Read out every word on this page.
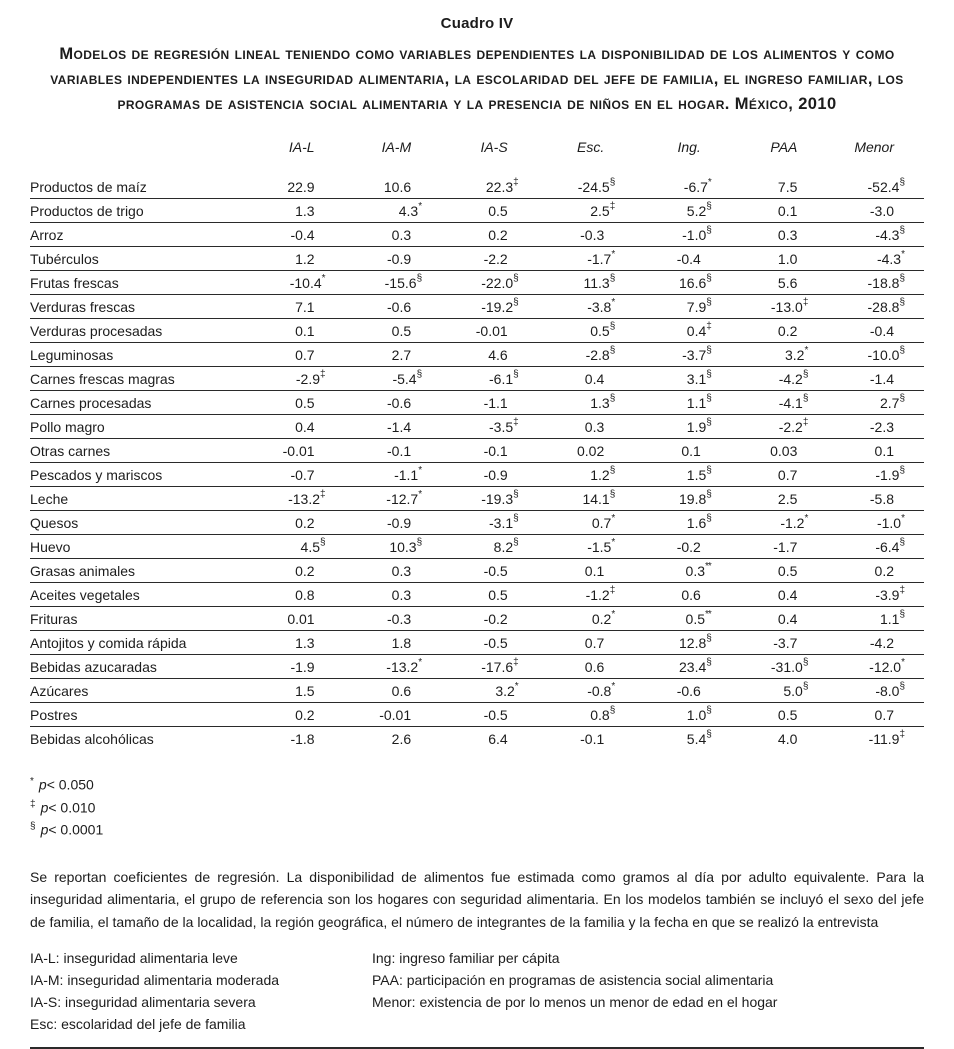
Cuadro IV
Modelos de regresión lineal teniendo como variables dependientes la disponibilidad de los alimentos y como variables independientes la inseguridad alimentaria, la escolaridad del jefe de familia, el ingreso familiar, los programas de asistencia social alimentaria y la presencia de niños en el hogar. México, 2010
	IA-L	IA-M	IA-S	Esc.	Ing.	PAA	Menor
Productos de maíz	22.9	10.6	22.3‡	-24.5§	-6.7*	7.5	-52.4§
Productos de trigo	1.3	4.3*	0.5	2.5‡	5.2§	0.1	-3.0
Arroz	-0.4	0.3	0.2	-0.3	-1.0§	0.3	-4.3§
Tubérculos	1.2	-0.9	-2.2	-1.7*	-0.4	1.0	-4.3*
Frutas frescas	-10.4*	-15.6§	-22.0§	11.3§	16.6§	5.6	-18.8§
Verduras frescas	7.1	-0.6	-19.2§	-3.8*	7.9§	-13.0‡	-28.8§
Verduras procesadas	0.1	0.5	-0.01	0.5§	0.4‡	0.2	-0.4
Leguminosas	0.7	2.7	4.6	-2.8§	-3.7§	3.2*	-10.0§
Carnes frescas magras	-2.9‡	-5.4§	-6.1§	0.4	3.1§	-4.2§	-1.4
Carnes procesadas	0.5	-0.6	-1.1	1.3§	1.1§	-4.1§	2.7§
Pollo magro	0.4	-1.4	-3.5‡	0.3	1.9§	-2.2‡	-2.3
Otras carnes	-0.01	-0.1	-0.1	0.02	0.1	0.03	0.1
Pescados y mariscos	-0.7	-1.1*	-0.9	1.2§	1.5§	0.7	-1.9§
Leche	-13.2‡	-12.7*	-19.3§	14.1§	19.8§	2.5	-5.8
Quesos	0.2	-0.9	-3.1§	0.7*	1.6§	-1.2*	-1.0*
Huevo	4.5§	10.3§	8.2§	-1.5*	-0.2	-1.7	-6.4§
Grasas animales	0.2	0.3	-0.5	0.1	0.3**	0.5	0.2
Aceites vegetales	0.8	0.3	0.5	-1.2‡	0.6	0.4	-3.9‡
Frituras	0.01	-0.3	-0.2	0.2*	0.5**	0.4	1.1§
Antojitos y comida rápida	1.3	1.8	-0.5	0.7	12.8§	-3.7	-4.2
Bebidas azucaradas	-1.9	-13.2*	-17.6‡	0.6	23.4§	-31.0§	-12.0*
Azúcares	1.5	0.6	3.2*	-0.8*	-0.6	5.0§	-8.0§
Postres	0.2	-0.01	-0.5	0.8§	1.0§	0.5	0.7
Bebidas alcohólicas	-1.8	2.6	6.4	-0.1	5.4§	4.0	-11.9‡
* p< 0.050
‡ p< 0.010
§ p< 0.0001

Se reportan coeficientes de regresión. La disponibilidad de alimentos fue estimada como gramos al día por adulto equivalente. Para la inseguridad alimentaria, el grupo de referencia son los hogares con seguridad alimentaria. En los modelos también se incluyó el sexo del jefe de familia, el tamaño de la localidad, la región geográfica, el número de integrantes de la familia y la fecha en que se realizó la entrevista

IA-L: inseguridad alimentaria leve
IA-M: inseguridad alimentaria moderada
IA-S: inseguridad alimentaria severa
Esc: escolaridad del jefe de familia
Ing: ingreso familiar per cápita
PAA: participación en programas de asistencia social alimentaria
Menor: existencia de por lo menos un menor de edad en el hogar
